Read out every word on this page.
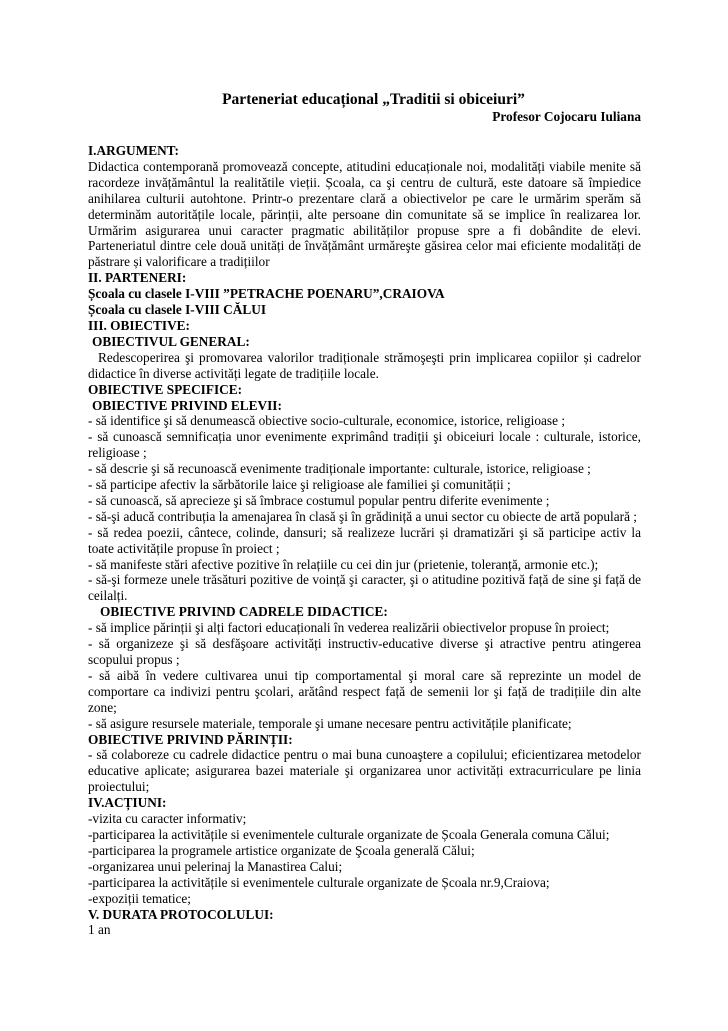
Parteneriat educațional „Traditii si obiceiuri”
Profesor Cojocaru Iuliana
I.ARGUMENT:
Didactica contemporană promovează concepte, atitudini educaționale noi, modalități viabile menite să racordeze invățământul la realitătile vieții. Școala, ca şi centru de cultură, este datoare să împiedice anihilarea culturii autohtone. Printr-o prezentare clară a obiectivelor pe care le urmărim sperăm să determinăm autoritățile locale, părinții, alte persoane din comunitate să se implice în realizarea lor. Urmărim asigurarea unui caracter pragmatic abilităților propuse spre a fi dobândite de elevi. Parteneriatul dintre cele două unități de învățământ urmăreşte găsirea celor mai eficiente modalități de păstrare și valorificare a tradițiilor
II. PARTENERI:
Școala cu clasele I-VIII ”PETRACHE POENARU”,CRAIOVA
Școala cu clasele I-VIII CĂLUI
III. OBIECTIVE:
OBIECTIVUL GENERAL:
Redescoperirea şi promovarea valorilor tradiționale strămoşeşti prin implicarea copiilor și cadrelor didactice în diverse activități legate de tradițiile locale.
OBIECTIVE SPECIFICE:
OBIECTIVE PRIVIND ELEVII:
- să identifice şi să denumească obiective socio-culturale, economice, istorice, religioase ;
- să cunoască semnificația unor evenimente exprimând tradiții şi obiceiuri locale : culturale, istorice, religioase ;
- să descrie şi să recunoască evenimente tradiționale importante: culturale, istorice, religioase ;
- să participe afectiv la sărbătorile laice şi religioase ale familiei şi comunității ;
- să cunoască, să aprecieze şi să îmbrace costumul popular pentru diferite evenimente ;
- să-şi aducă contribuția la amenajarea în clasă şi în grădiniță a unui sector cu obiecte de artă populară ;
- să redea poezii, cântece, colinde, dansuri; să realizeze lucrări și dramatizări şi să participe activ la toate activitățile propuse în proiect ;
- să manifeste stări afective pozitive în relațiile cu cei din jur (prietenie, toleranță, armonie etc.);
- să-şi formeze unele trăsături pozitive de voință şi caracter, şi o atitudine pozitivă față de sine şi față de ceilalți.
OBIECTIVE PRIVIND CADRELE DIDACTICE:
- să implice părinții şi alți factori educaționali în vederea realizării obiectivelor propuse în proiect;
- să organizeze şi să desfăşoare activități instructiv-educative diverse şi atractive pentru atingerea scopului propus ;
- să aibă în vedere cultivarea unui tip comportamental şi moral care să reprezinte un model de comportare ca indivizi pentru şcolari, arătând respect față de semenii lor şi față de tradițiile din alte zone;
- să asigure resursele materiale, temporale şi umane necesare pentru activitățile planificate;
OBIECTIVE PRIVIND PĂRINȚII:
- să colaboreze cu cadrele didactice pentru o mai buna cunoaştere a copilului; eficientizarea metodelor educative aplicate; asigurarea bazei materiale şi organizarea unor activități extracurriculare pe linia proiectului;
IV.ACȚIUNI:
-vizita cu caracter informativ;
-participarea la activitățile si evenimentele culturale organizate de Școala Generala comuna Călui;
-participarea la programele artistice organizate de Şcoala generală Călui;
-organizarea unui pelerinaj la Manastirea Calui;
-participarea la activitățile si evenimentele culturale organizate de Școala nr.9,Craiova;
-expoziții tematice;
V. DURATA PROTOCOLULUI:
1 an
